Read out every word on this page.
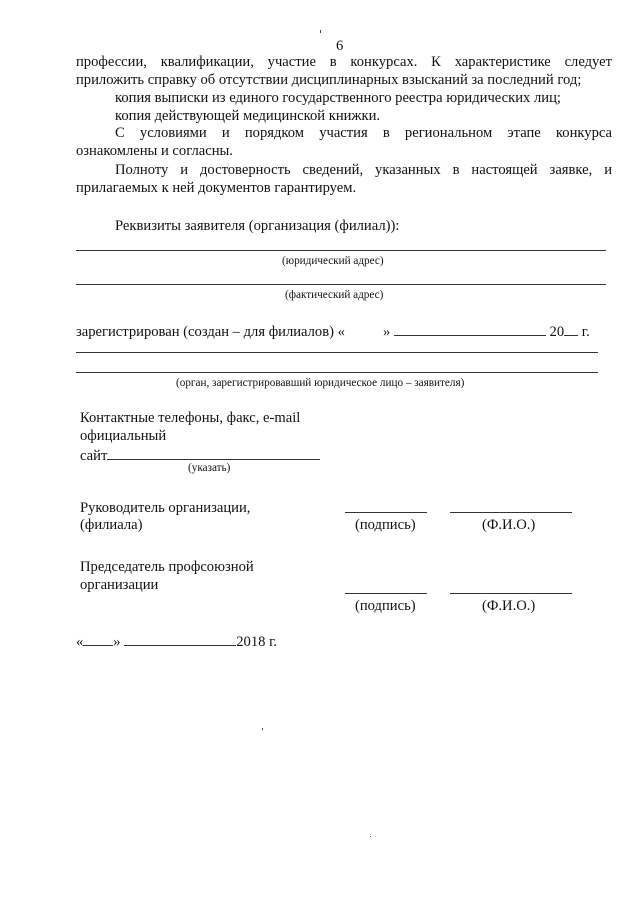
6
профессии, квалификации, участие в конкурсах. К характеристике следует
приложить справку об отсутствии дисциплинарных взысканий за последний год;
копия выписки из единого государственного реестра юридических лиц;
копия действующей медицинской книжки.
С условиями и порядком участия в региональном этапе конкурса
ознакомлены и согласны.
Полноту и достоверность сведений, указанных в настоящей заявке, и
прилагаемых к ней документов гарантируем.
Реквизиты заявителя (организация (филиал)):
(юридический адрес)
(фактический адрес)
зарегистрирован (создан – для филиалов) «	»	20 г.
(орган, зарегистрировавший юридическое лицо – заявителя)
Контактные телефоны, факс, e-mail
официальный
сайт
(указать)
Руководитель организации,
(филиала)	(подпись)	(Ф.И.О.)
Председатель профсоюзной
организации
(подпись)	(Ф.И.О.)
« »	2018 г.
